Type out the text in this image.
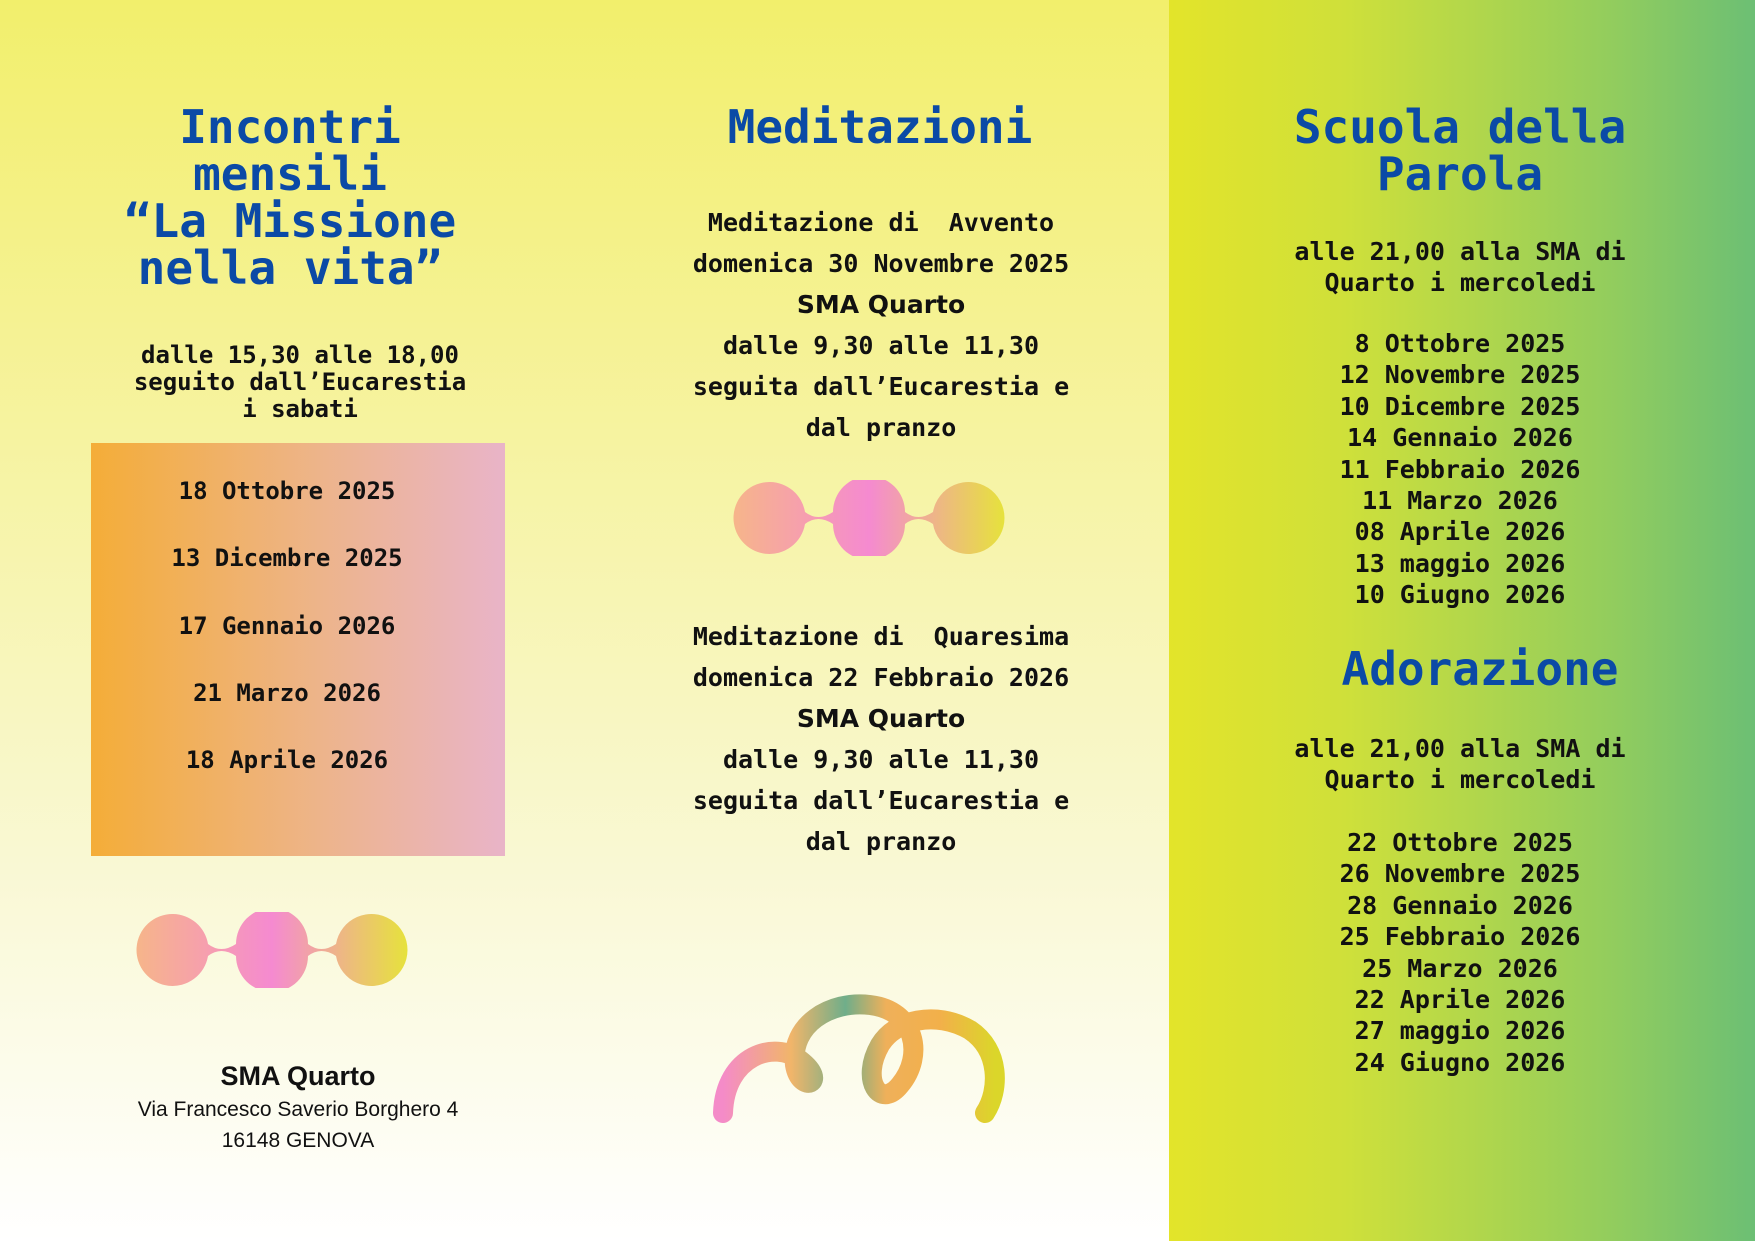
Incontri
mensili
“La Missione
nella vita”
dalle 15,30 alle 18,00
seguito dall’Eucarestia
i sabati
18 Ottobre 2025
13 Dicembre 2025
17 Gennaio 2026
21 Marzo 2026
18 Aprile 2026
SMA Quarto
Via Francesco Saverio Borghero 4
16148 GENOVA
Meditazioni
Meditazione di  Avvento
domenica 30 Novembre 2025
SMA Quarto
dalle 9,30 alle 11,30
seguita dall’Eucarestia e
dal pranzo
Meditazione di  Quaresima
domenica 22 Febbraio 2026
SMA Quarto
dalle 9,30 alle 11,30
seguita dall’Eucarestia e
dal pranzo
Scuola della
Parola
alle 21,00 alla SMA di
Quarto i mercoledi
8 Ottobre 2025
12 Novembre 2025
10 Dicembre 2025
14 Gennaio 2026
11 Febbraio 2026
11 Marzo 2026
08 Aprile 2026
13 maggio 2026
10 Giugno 2026
Adorazione
alle 21,00 alla SMA di
Quarto i mercoledi
22 Ottobre 2025
26 Novembre 2025
28 Gennaio 2026
25 Febbraio 2026
25 Marzo 2026
22 Aprile 2026
27 maggio 2026
24 Giugno 2026
